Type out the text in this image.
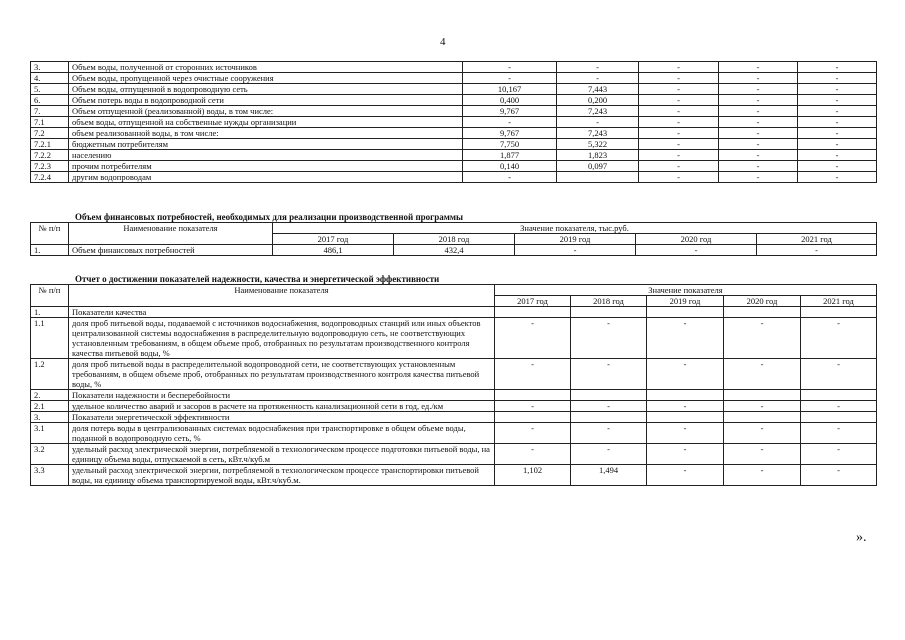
4
3.	Объем воды, полученной от сторонних источников	-	-	-	-	-
4.	Объем воды, пропущенной через очистные сооружения	-	-	-	-	-
5.	Объем воды, отпущенной в водопроводную сеть	10,167	7,443	-	-	-
6.	Объем потерь воды в водопроводной сети	0,400	0,200	-	-	-
7.	Объем отпущенной (реализованной) воды, в том числе:	9,767	7,243	-	-	-
7.1	объем воды, отпущенной на собственные нужды организации	-	-	-	-	-
7.2	объем реализованной воды, в том числе:	9,767	7,243	-	-	-
7.2.1	бюджетным потребителям	7,750	5,322	-	-	-
7.2.2	населению	1,877	1,823	-	-	-
7.2.3	прочим потребителям	0,140	0,097	-	-	-
7.2.4	другим водопроводам	-		-	-	-
Объем финансовых потребностей, необходимых для реализации производственной программы
№ п/п	Наименование показателя	Значение показателя, тыс.руб.				
		2017 год	2018 год	2019 год	2020 год	2021 год
1.	Объем финансовых потребностей	486,1	432,4	-	-	-
Отчет о достижении показателей надежности, качества и энергетической эффективности
№ п/п	Наименование показателя	Значение показателя				
		2017 год	2018 год	2019 год	2020 год	2021 год
1.	Показатели качества					
1.1	доля проб питьевой воды, подаваемой с источников водоснабжения, водопроводных станций или иных объектов централизованной системы водоснабжения в распределительную водопроводную сеть, не соответствующих установленным требованиям, в общем объеме проб, отобранных по результатам производственного контроля качества питьевой воды, %	-	-	-	-	-
1.2	доля проб питьевой воды в распределительной водопроводной сети, не соответствующих установленным требованиям, в общем объеме проб, отобранных по результатам производственного контроля качества питьевой воды, %	-	-	-	-	-
2.	Показатели надежности и бесперебойности					
2.1	удельное количество аварий и засоров в расчете на протяженность канализационной сети в год, ед./км	-	-	-	-	-
3.	Показатели энергетической эффективности					
3.1	доля потерь воды в централизованных системах водоснабжения при транспортировке в общем объеме воды, поданной в водопроводную сеть, %	-	-	-	-	-
3.2	удельный расход электрической энергии, потребляемой в технологическом процессе подготовки питьевой воды, на единицу объема воды, отпускаемой в сеть, кВт.ч/куб.м	-	-	-	-	-
3.3	удельный расход электрической энергии, потребляемой в технологическом процессе транспортировки питьевой воды, на единицу объема транспортируемой воды, кВт.ч/куб.м.	1,102	1,494	-	-	-
».
